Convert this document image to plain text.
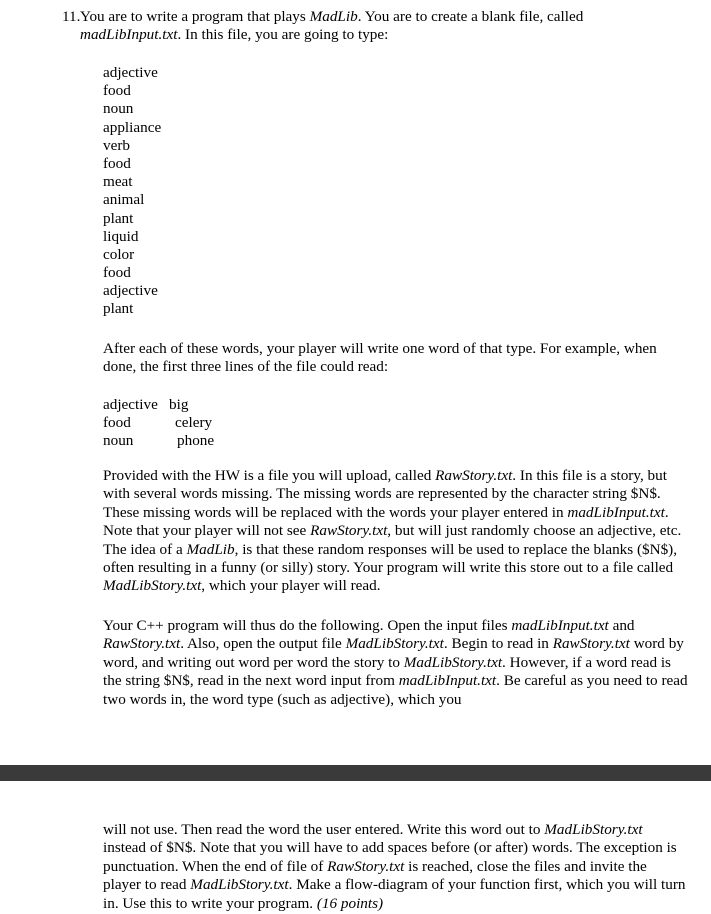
11. You are to write a program that plays MadLib. You are to create a blank file, called madLibInput.txt. In this file, you are going to type:

adjective
food
noun
appliance
verb
food
meat
animal
plant
liquid
color
food
adjective
plant

After each of these words, your player will write one word of that type. For example, when done, the first three lines of the file could read:

adjective	big
food	celery
noun	phone

Provided with the HW is a file you will upload, called RawStory.txt. In this file is a story, but with several words missing. The missing words are represented by the character string $N$. These missing words will be replaced with the words your player entered in madLibInput.txt. Note that your player will not see RawStory.txt, but will just randomly choose an adjective, etc. The idea of a MadLib, is that these random responses will be used to replace the blanks ($N$), often resulting in a funny (or silly) story. Your program will write this store out to a file called MadLibStory.txt, which your player will read.

Your C++ program will thus do the following. Open the input files madLibInput.txt and RawStory.txt. Also, open the output file MadLibStory.txt. Begin to read in RawStory.txt word by word, and writing out word per word the story to MadLibStory.txt. However, if a word read is the string $N$, read in the next word input from madLibInput.txt. Be careful as you need to read two words in, the word type (such as adjective), which you

will not use. Then read the word the user entered. Write this word out to MadLibStory.txt instead of $N$. Note that you will have to add spaces before (or after) words. The exception is punctuation. When the end of file of RawStory.txt is reached, close the files and invite the player to read MadLibStory.txt. Make a flow-diagram of your function first, which you will turn in. Use this to write your program. (16 points)
